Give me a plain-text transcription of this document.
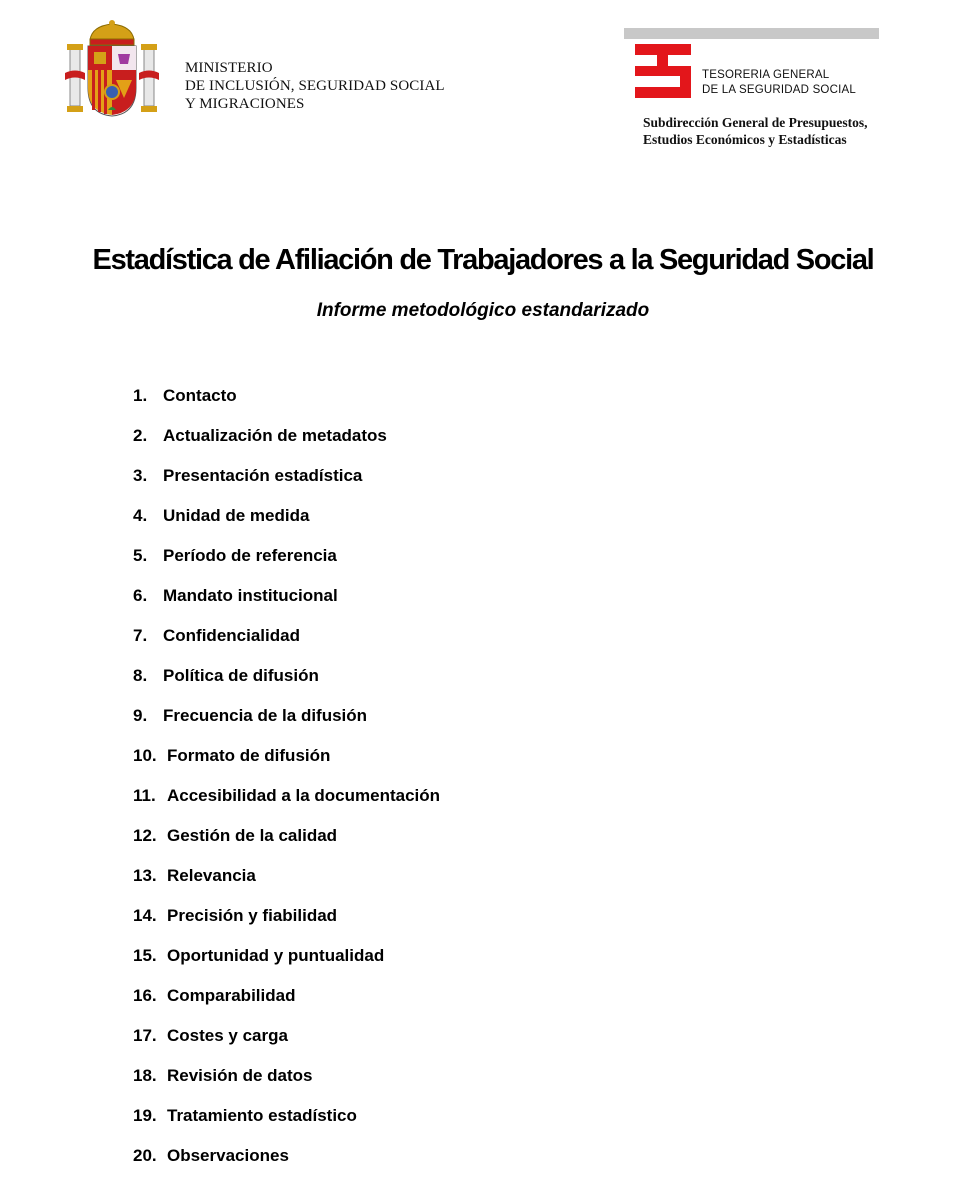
MINISTERIO
DE INCLUSIÓN, SEGURIDAD SOCIAL
Y MIGRACIONES
TESORERIA GENERAL
DE LA SEGURIDAD SOCIAL
Subdirección General de Presupuestos,
Estudios Económicos y Estadísticas
Estadística de Afiliación de Trabajadores a la Seguridad Social

Informe metodológico estandarizado

1. Contacto
2. Actualización de metadatos
3. Presentación estadística
4. Unidad de medida
5. Período de referencia
6. Mandato institucional
7. Confidencialidad
8. Política de difusión
9. Frecuencia de la difusión
10. Formato de difusión
11. Accesibilidad a la documentación
12. Gestión de la calidad
13. Relevancia
14. Precisión y fiabilidad
15. Oportunidad y puntualidad
16. Comparabilidad
17. Costes y carga
18. Revisión de datos
19. Tratamiento estadístico
20. Observaciones
